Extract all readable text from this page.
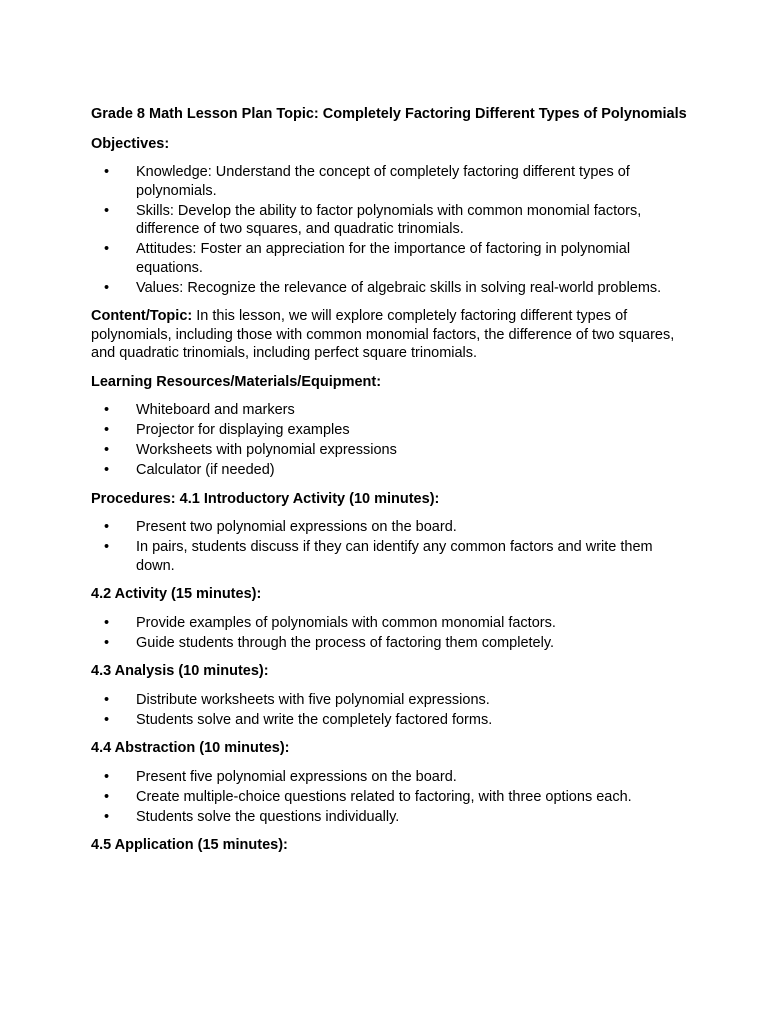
Grade 8 Math Lesson Plan Topic: Completely Factoring Different Types of Polynomials
Objectives:
• Knowledge: Understand the concept of completely factoring different types of polynomials.
• Skills: Develop the ability to factor polynomials with common monomial factors, difference of two squares, and quadratic trinomials.
• Attitudes: Foster an appreciation for the importance of factoring in polynomial equations.
• Values: Recognize the relevance of algebraic skills in solving real-world problems.
Content/Topic: In this lesson, we will explore completely factoring different types of polynomials, including those with common monomial factors, the difference of two squares, and quadratic trinomials, including perfect square trinomials.
Learning Resources/Materials/Equipment:
• Whiteboard and markers
• Projector for displaying examples
• Worksheets with polynomial expressions
• Calculator (if needed)
Procedures: 4.1 Introductory Activity (10 minutes):
• Present two polynomial expressions on the board.
• In pairs, students discuss if they can identify any common factors and write them down.
4.2 Activity (15 minutes):
• Provide examples of polynomials with common monomial factors.
• Guide students through the process of factoring them completely.
4.3 Analysis (10 minutes):
• Distribute worksheets with five polynomial expressions.
• Students solve and write the completely factored forms.
4.4 Abstraction (10 minutes):
• Present five polynomial expressions on the board.
• Create multiple-choice questions related to factoring, with three options each.
• Students solve the questions individually.
4.5 Application (15 minutes):
